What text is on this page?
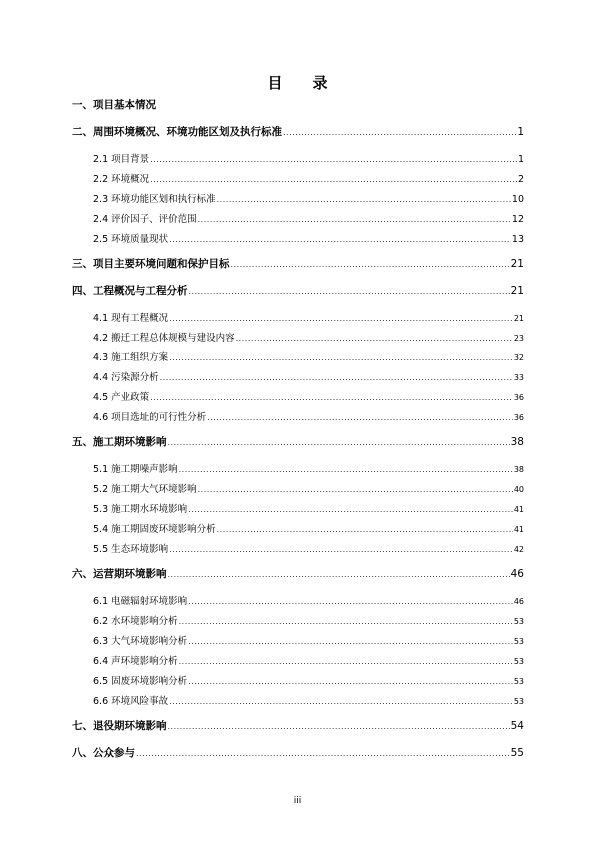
目 录
一、项目基本情况
二、周围环境概况、环境功能区划及执行标准 .....	1
2.1 项目背景 .....	1
2.2 环境概况 .....	2
2.3 环境功能区划和执行标准 .....	10
2.4 评价因子、评价范围 .....	12
2.5 环境质量现状 .....	13
三、项目主要环境问题和保护目标 .....	21
四、工程概况与工程分析 .....	21
4.1 现有工程概况 .....	21
4.2 搬迁工程总体规模与建设内容 .....	23
4.3 施工组织方案 .....	32
4.4 污染源分析 .....	33
4.5 产业政策 .....	36
4.6 项目选址的可行性分析 .....	36
五、施工期环境影响 .....	38
5.1 施工期噪声影响 .....	38
5.2 施工期大气环境影响 .....	40
5.3 施工期水环境影响 .....	41
5.4 施工期固废环境影响分析 .....	41
5.5 生态环境影响 .....	42
六、运营期环境影响 .....	46
6.1 电磁辐射环境影响 .....	46
6.2 水环境影响分析 .....	53
6.3 大气环境影响分析 .....	53
6.4 声环境影响分析 .....	53
6.5 固废环境影响分析 .....	53
6.6 环境风险事故 .....	53
七、退役期环境影响 .....	54
八、公众参与 .....	55
iii
